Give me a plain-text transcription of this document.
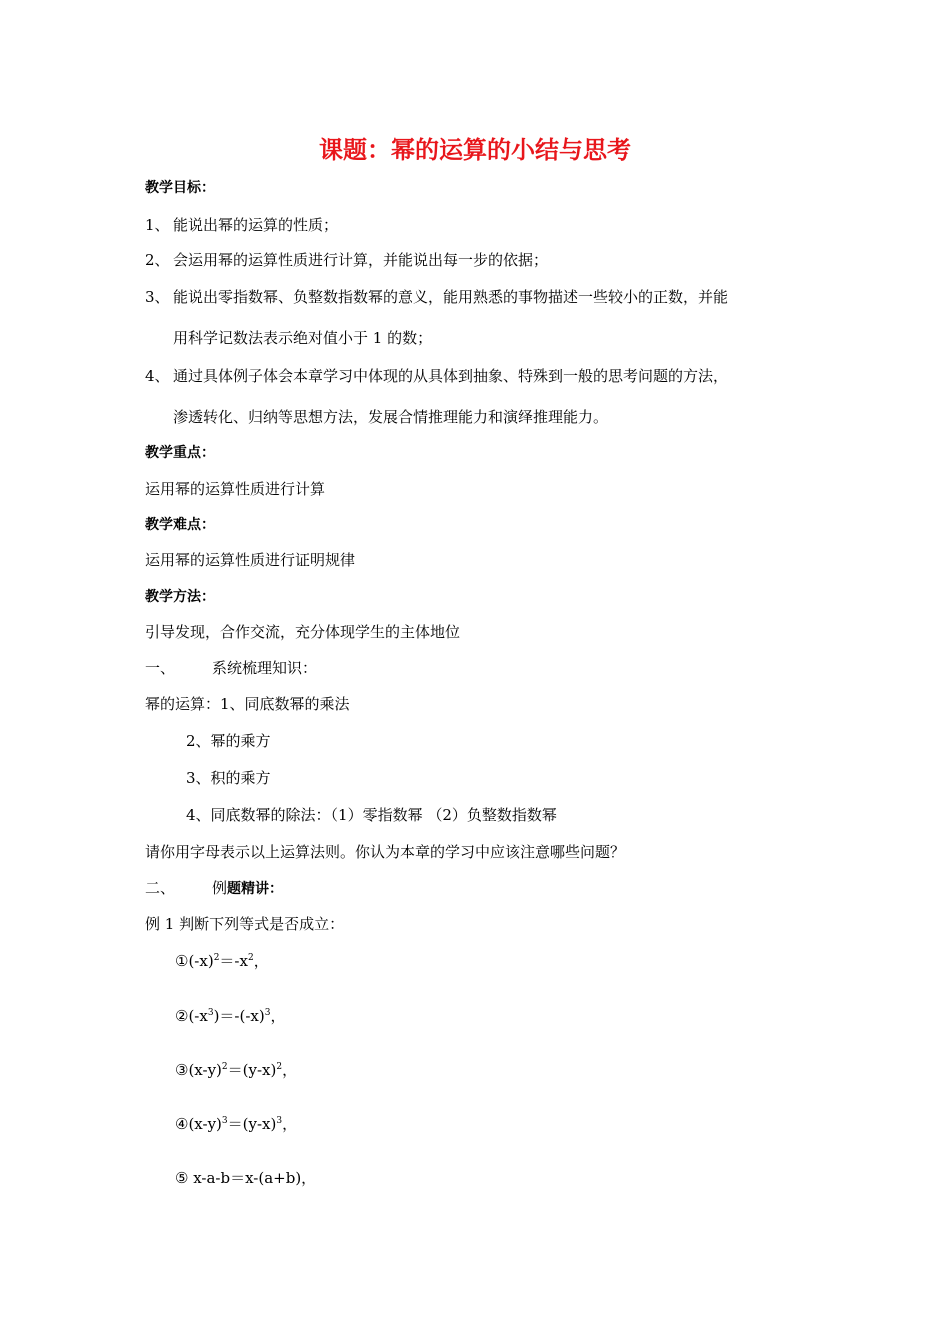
课题：幂的运算的小结与思考
教学目标：
1、 能说出幂的运算的性质；
2、 会运用幂的运算性质进行计算，并能说出每一步的依据；
3、 能说出零指数幂、负整数指数幂的意义，能用熟悉的事物描述一些较小的正数，并能
用科学记数法表示绝对值小于 1 的数；
4、 通过具体例子体会本章学习中体现的从具体到抽象、特殊到一般的思考问题的方法，
渗透转化、归纳等思想方法，发展合情推理能力和演绎推理能力。
教学重点：
运用幂的运算性质进行计算
教学难点：
运用幂的运算性质进行证明规律
教学方法：
引导发现，合作交流，充分体现学生的主体地位
一、 系统梳理知识：
幂的运算：1、同底数幂的乘法
2、幂的乘方
3、积的乘方
4、同底数幂的除法：（1）零指数幂 （2）负整数指数幂
请你用字母表示以上运算法则。你认为本章的学习中应该注意哪些问题？
二、 例题精讲：
例 1 判断下列等式是否成立：
$①(-x)^2=-x^2$，
$②(-x^3)=-(-x)^3$，
$③(x-y)^2=(y-x)^2$，
$④(x-y)^3=(y-x)^3$，
⑤ x-a-b＝x-(a+b)，
